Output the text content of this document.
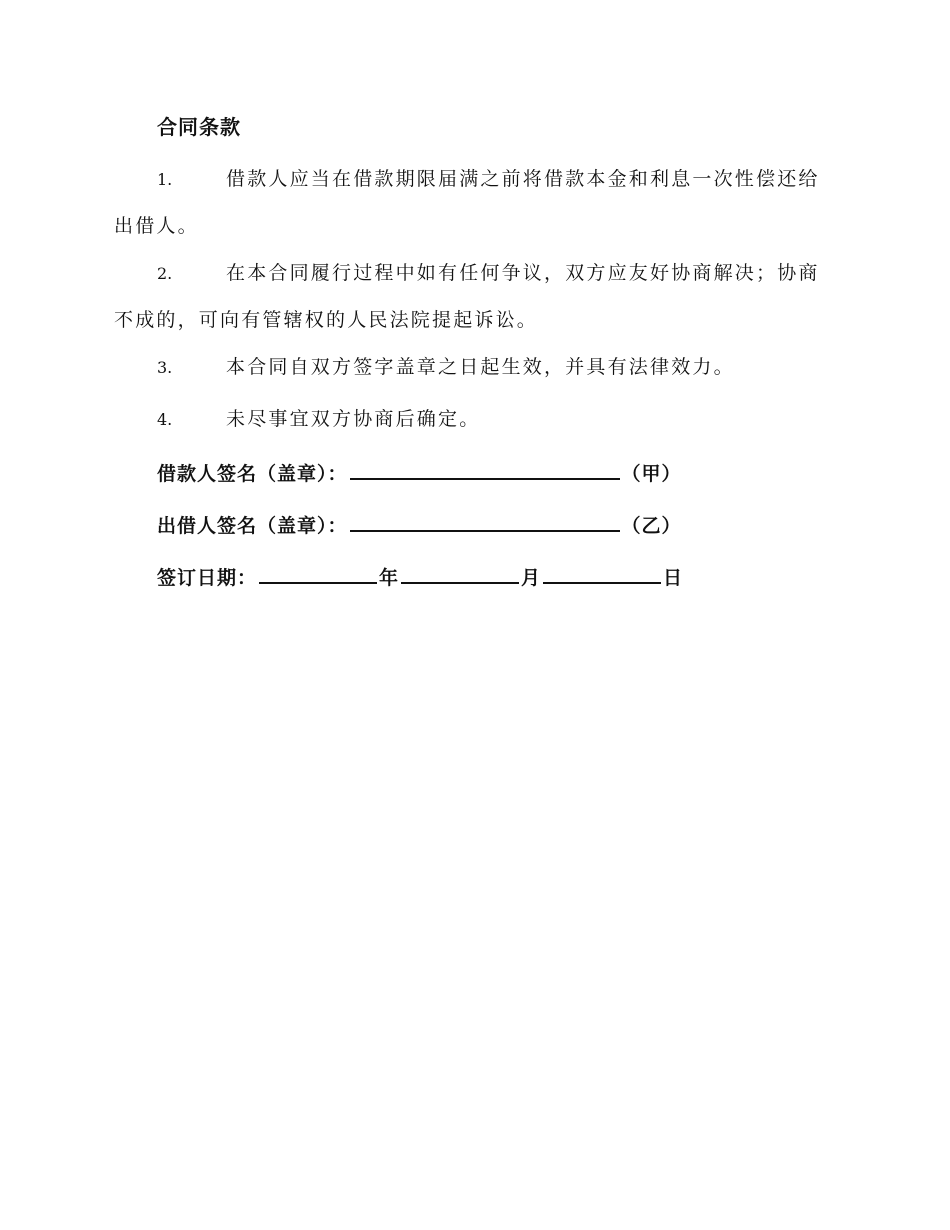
合同条款
1.	借款人应当在借款期限届满之前将借款本金和利息一次性偿还给出借人。
2.	在本合同履行过程中如有任何争议，双方应友好协商解决；协商不成的，可向有管辖权的人民法院提起诉讼。
3.	本合同自双方签字盖章之日起生效，并具有法律效力。
4.	未尽事宜双方协商后确定。
借款人签名（盖章）：	（甲）
出借人签名（盖章）：	（乙）
签订日期：	年	月	日
